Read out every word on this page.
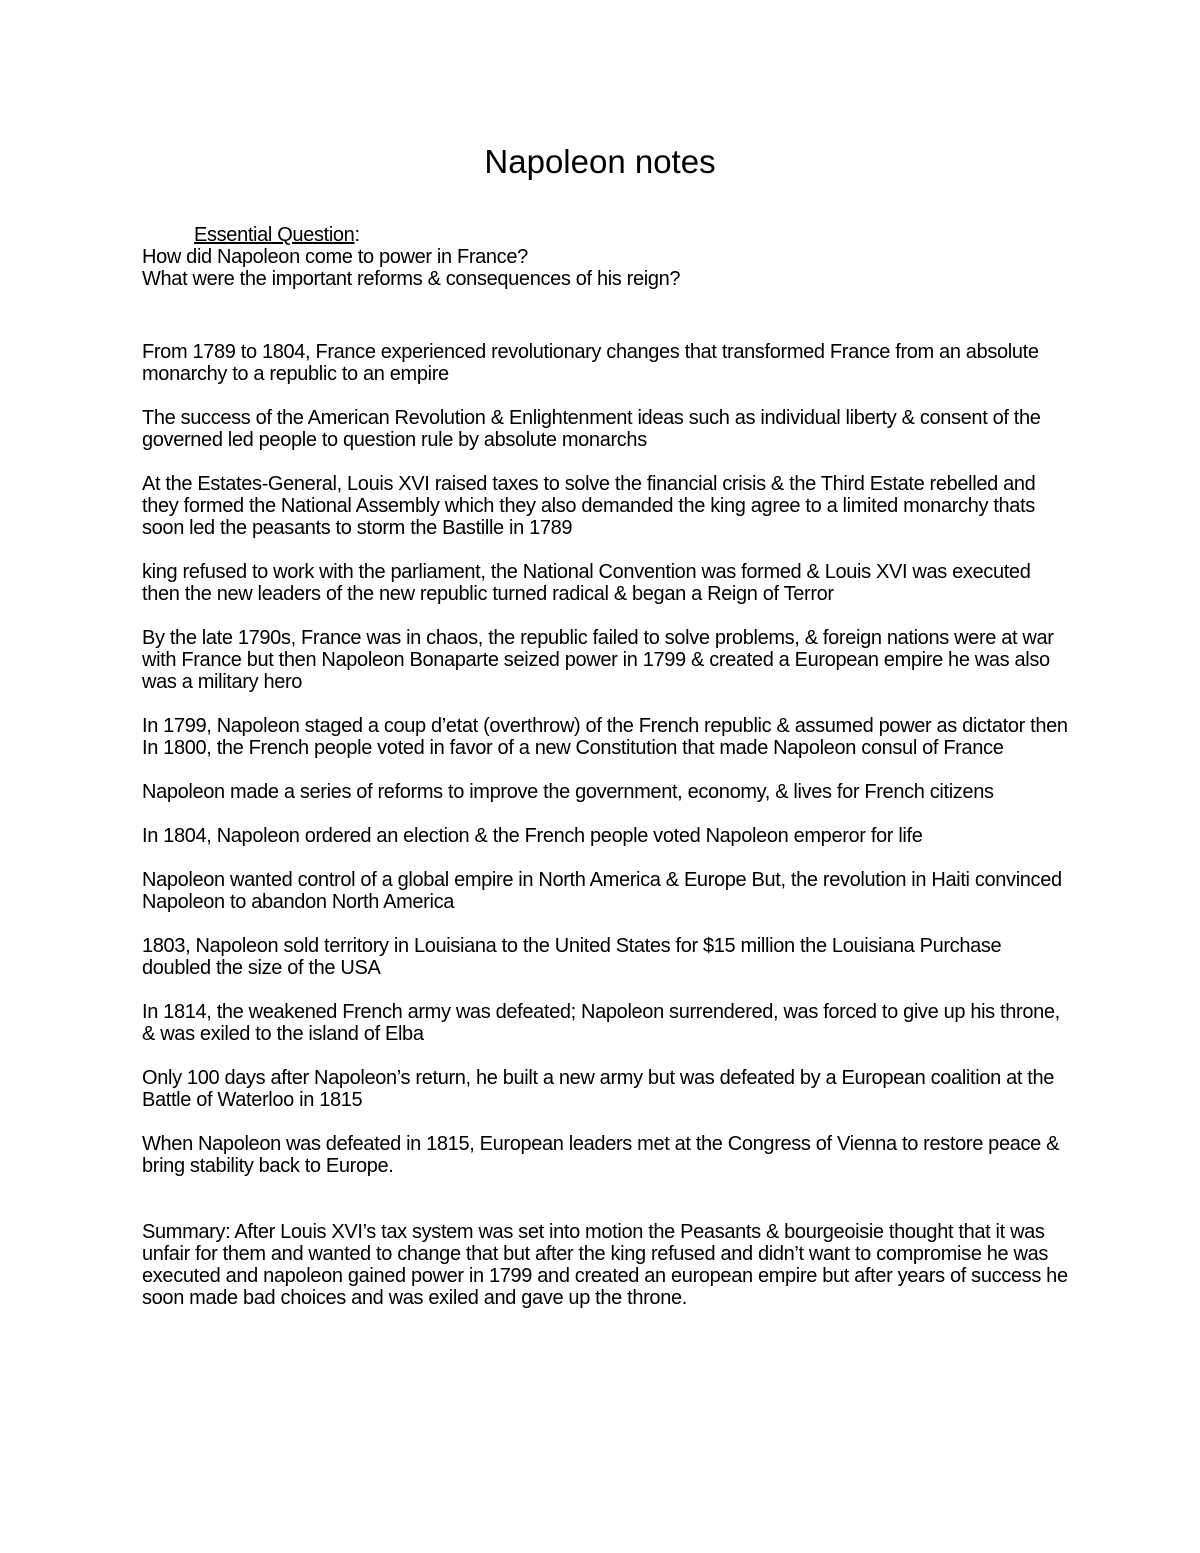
Napoleon notes

Essential Question:

How did Napoleon come to power in France?

What were the important reforms & consequences of his reign?

From 1789 to 1804, France experienced revolutionary changes that transformed France from an absolute monarchy to a republic to an empire

The success of the American Revolution & Enlightenment ideas such as individual liberty & consent of the governed led people to question rule by absolute monarchs

At the Estates-General, Louis XVI raised taxes to solve the financial crisis & the Third Estate rebelled and they formed the National Assembly which they also demanded the king agree to a limited monarchy thats soon led the peasants to storm the Bastille in 1789

king refused to work with the parliament, the National Convention was formed & Louis XVI was executed then the new leaders of the new republic turned radical & began a Reign of Terror

By the late 1790s, France was in chaos, the republic failed to solve problems, & foreign nations were at war with France but then Napoleon Bonaparte seized power in 1799 & created a European empire he was also was a military hero

In 1799, Napoleon staged a coup d’etat (overthrow) of the French republic & assumed power as dictator then In 1800, the French people voted in favor of a new Constitution that made Napoleon consul of France

Napoleon made a series of reforms to improve the government, economy, & lives for French citizens

In 1804, Napoleon ordered an election & the French people voted Napoleon emperor for life

Napoleon wanted control of a global empire in North America & Europe But, the revolution in Haiti convinced Napoleon to abandon North America

1803, Napoleon sold territory in Louisiana to the United States for $15 million the Louisiana Purchase doubled the size of the USA

In 1814, the weakened French army was defeated; Napoleon surrendered, was forced to give up his throne, & was exiled to the island of Elba

Only 100 days after Napoleon’s return, he built a new army but was defeated by a European coalition at the Battle of Waterloo in 1815

When Napoleon was defeated in 1815, European leaders met at the Congress of Vienna to restore peace & bring stability back to Europe.

Summary: After Louis XVI’s tax system was set into motion the Peasants & bourgeoisie thought that it was unfair for them and wanted to change that but after the king refused and didn’t want to compromise he was executed and napoleon gained power in 1799 and created an european empire but after years of success he soon made bad choices and was exiled and gave up the throne.
